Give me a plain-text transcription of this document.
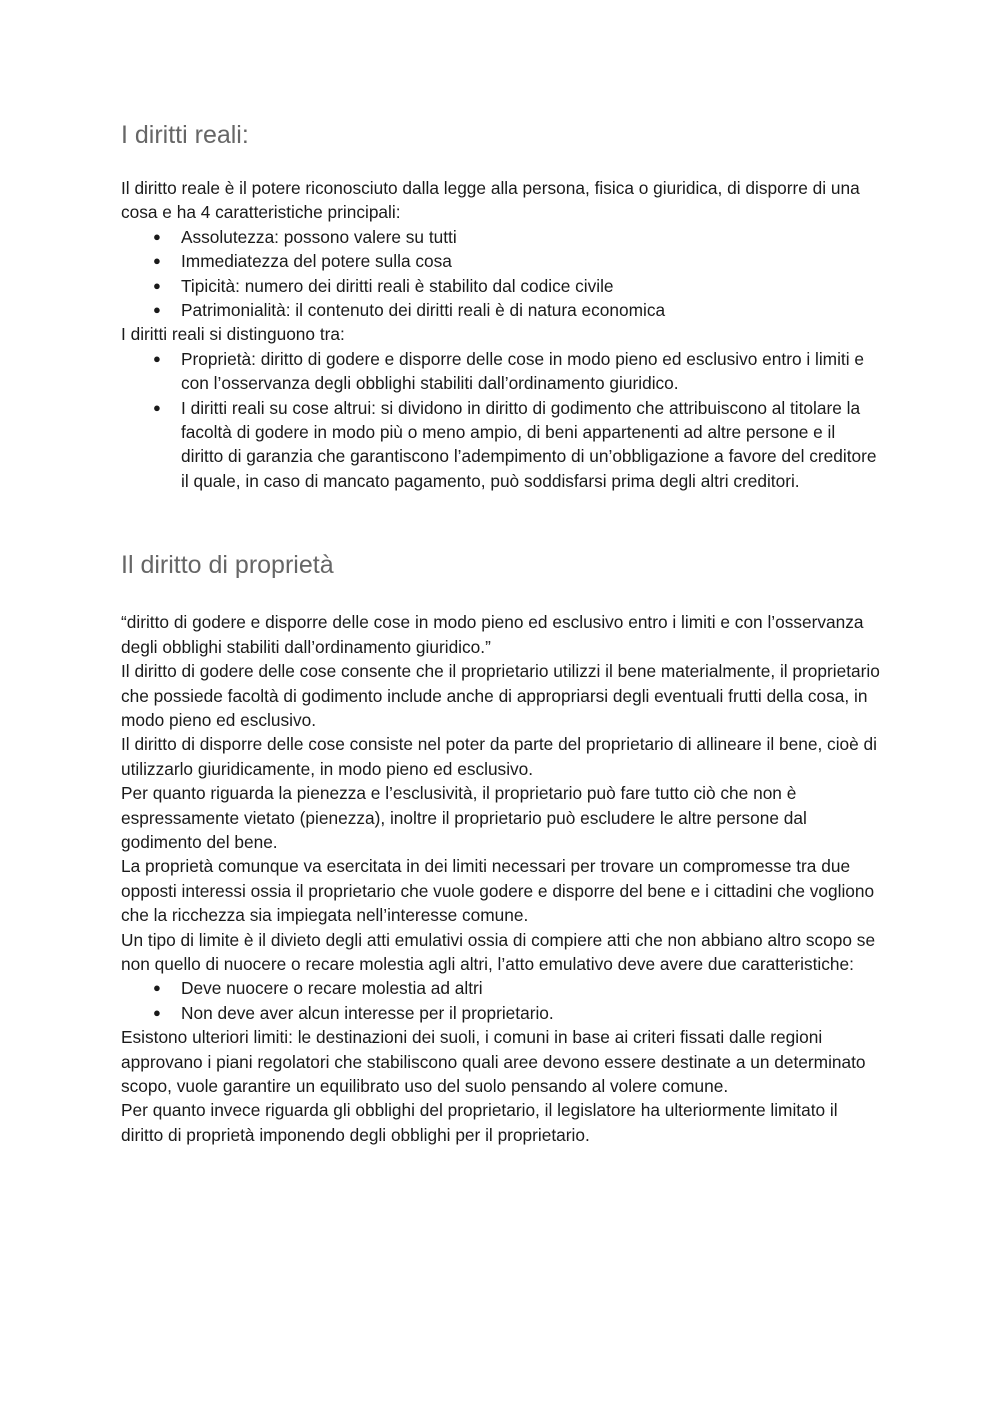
I diritti reali:

Il diritto reale è il potere riconosciuto dalla legge alla persona, fisica o giuridica, di disporre di una cosa e ha 4 caratteristiche principali:

● Assolutezza: possono valere su tutti
● Immediatezza del potere sulla cosa
● Tipicità: numero dei diritti reali è stabilito dal codice civile
● Patrimonialità: il contenuto dei diritti reali è di natura economica

I diritti reali si distinguono tra:

● Proprietà: diritto di godere e disporre delle cose in modo pieno ed esclusivo entro i limiti e con l’osservanza degli obblighi stabiliti dall’ordinamento giuridico.
● I diritti reali su cose altrui: si dividono in diritto di godimento che attribuiscono al titolare la facoltà di godere in modo più o meno ampio, di beni appartenenti ad altre persone e il diritto di garanzia che garantiscono l’adempimento di un’obbligazione a favore del creditore il quale, in caso di mancato pagamento, può soddisfarsi prima degli altri creditori.
Il diritto di proprietà

“diritto di godere e disporre delle cose in modo pieno ed esclusivo entro i limiti e con l’osservanza degli obblighi stabiliti dall’ordinamento giuridico.”

Il diritto di godere delle cose consente che il proprietario utilizzi il bene materialmente, il proprietario che possiede facoltà di godimento include anche di appropriarsi degli eventuali frutti della cosa, in modo pieno ed esclusivo.

Il diritto di disporre delle cose consiste nel poter da parte del proprietario di allineare il bene, cioè di utilizzarlo giuridicamente, in modo pieno ed esclusivo.

Per quanto riguarda la pienezza e l’esclusività, il proprietario può fare tutto ciò che non è espressamente vietato (pienezza), inoltre il proprietario può escludere le altre persone dal godimento del bene.

La proprietà comunque va esercitata in dei limiti necessari per trovare un compromesse tra due opposti interessi ossia il proprietario che vuole godere e disporre del bene e i cittadini che vogliono che la ricchezza sia impiegata nell’interesse comune.

Un tipo di limite è il divieto degli atti emulativi ossia di compiere atti che non abbiano altro scopo se non quello di nuocere o recare molestia agli altri, l’atto emulativo deve avere due caratteristiche:

● Deve nuocere o recare molestia ad altri
● Non deve aver alcun interesse per il proprietario.

Esistono ulteriori limiti: le destinazioni dei suoli, i comuni in base ai criteri fissati dalle regioni approvano i piani regolatori che stabiliscono quali aree devono essere destinate a un determinato scopo, vuole garantire un equilibrato uso del suolo pensando al volere comune.

Per quanto invece riguarda gli obblighi del proprietario, il legislatore ha ulteriormente limitato il diritto di proprietà imponendo degli obblighi per il proprietario.
